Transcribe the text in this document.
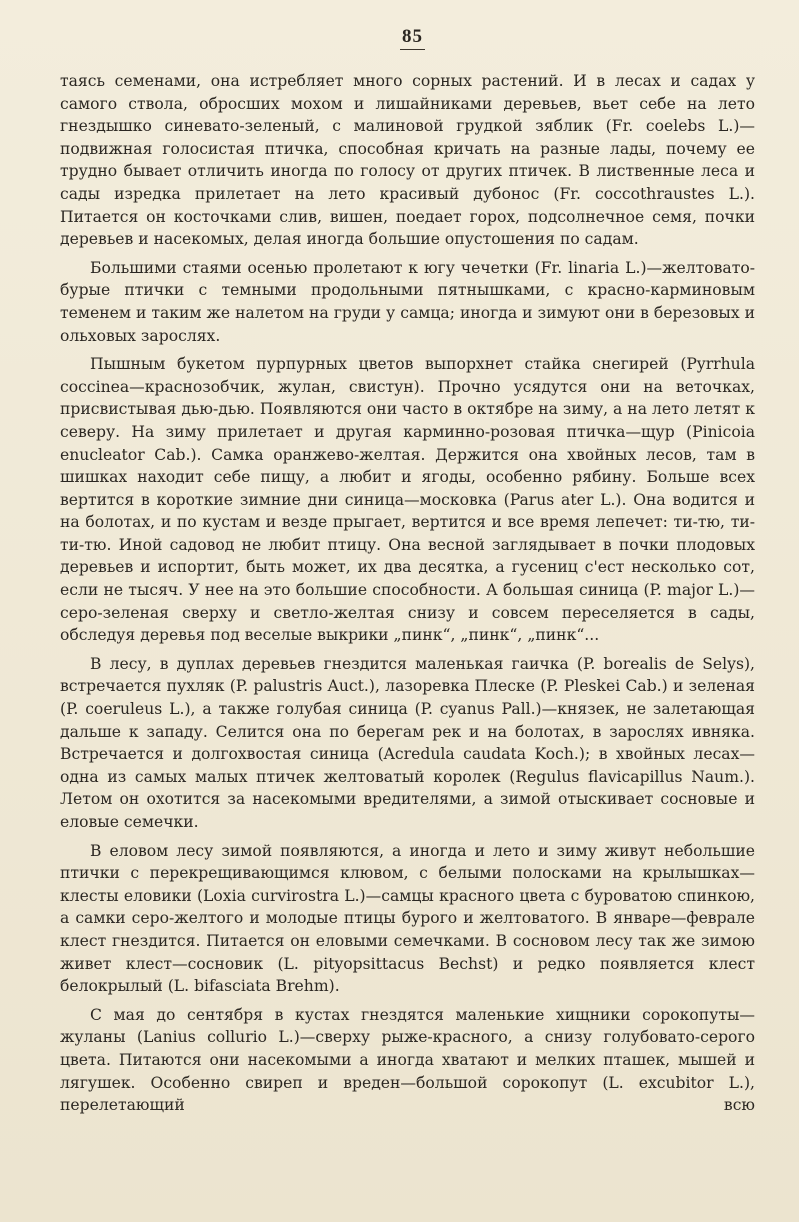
85

таясь семенами, она истребляет много сорных растений. И в лесах и садах у самого ствола, обросших мохом и лишайниками деревьев, вьет себе на лето гнездышко синевато-зеленый, с малиновой грудкой зяблик (Fr. coelebs L.)—подвижная голосистая птичка, способная кричать на разные лады, почему ее трудно бывает отличить иногда по голосу от других птичек. В лиственные леса и сады изредка прилетает на лето красивый дубонос (Fr. coccothraustes L.). Питается он косточками слив, вишен, поедает горох, подсолнечное семя, почки деревьев и насекомых, делая иногда большие опустошения по садам.

Большими стаями осенью пролетают к югу чечетки (Fr. linaria L.)—желтовато-бурые птички с темными продольными пятнышками, с красно-карминовым теменем и таким же налетом на груди у самца; иногда и зимуют они в березовых и ольховых зарослях.

Пышным букетом пурпурных цветов выпорхнет стайка снегирей (Pyrrhula coccinea—краснозобчик, жулан, свистун). Прочно усядутся они на веточках, присвистывая дью-дью. Появляются они часто в октябре на зиму, а на лето летят к северу. На зиму прилетает и другая карминно-розовая птичка—щур (Pinicoia enucleator Cab.). Самка оранжево-желтая. Держится она хвойных лесов, там в шишках находит себе пищу, а любит и ягоды, особенно рябину. Больше всех вертится в короткие зимние дни синица—московка (Parus ater L.). Она водится и на болотах, и по кустам и везде прыгает, вертится и все время лепечет: ти-тю, ти-ти-тю. Иной садовод не любит птицу. Она весной заглядывает в почки плодовых деревьев и испортит, быть может, их два десятка, а гусениц с'ест несколько сот, если не тысяч. У нее на это большие способности. А большая синица (P. major L.)—серо-зеленая сверху и светло-желтая снизу и совсем переселяется в сады, обследуя деревья под веселые выкрики „пинк“, „пинк“, „пинк“...

В лесу, в дуплах деревьев гнездится маленькая гаичка (P. borealis de Selys), встречается пухляк (P. palustris Auct.), лазоревка Плеске (P. Pleskei Cab.) и зеленая (P. coeruleus L.), а также голубая синица (P. cyanus Pall.)—князек, не залетающая дальше к западу. Селится она по берегам рек и на болотах, в зарослях ивняка. Встречается и долгохвостая синица (Acredula caudata Koch.); в хвойных лесах—одна из самых малых птичек желтоватый королек (Regulus flavicapillus Naum.). Летом он охотится за насекомыми вредителями, а зимой отыскивает сосновые и еловые семечки.

В еловом лесу зимой появляются, а иногда и лето и зиму живут небольшие птички с перекрещивающимся клювом, с белыми полосками на крылышках—клесты еловики (Loxia curvirostra L.)—самцы красного цвета с буроватою спинкою, а самки серо-желтого и молодые птицы бурого и желтоватого. В январе—феврале клест гнездится. Питается он еловыми семечками. В сосновом лесу так же зимою живет клест—сосновик (L. pityopsittacus Bechst) и редко появляется клест белокрылый (L. bifasciata Brehm).

С мая до сентября в кустах гнездятся маленькие хищники сорокопуты—жуланы (Lanius collurio L.)—сверху рыже-красного, а снизу голубовато-серого цвета. Питаются они насекомыми а иногда хватают и мелких пташек, мышей и лягушек. Особенно свиреп и вреден—большой сорокопут (L. excubitor L.), перелетающий всю
